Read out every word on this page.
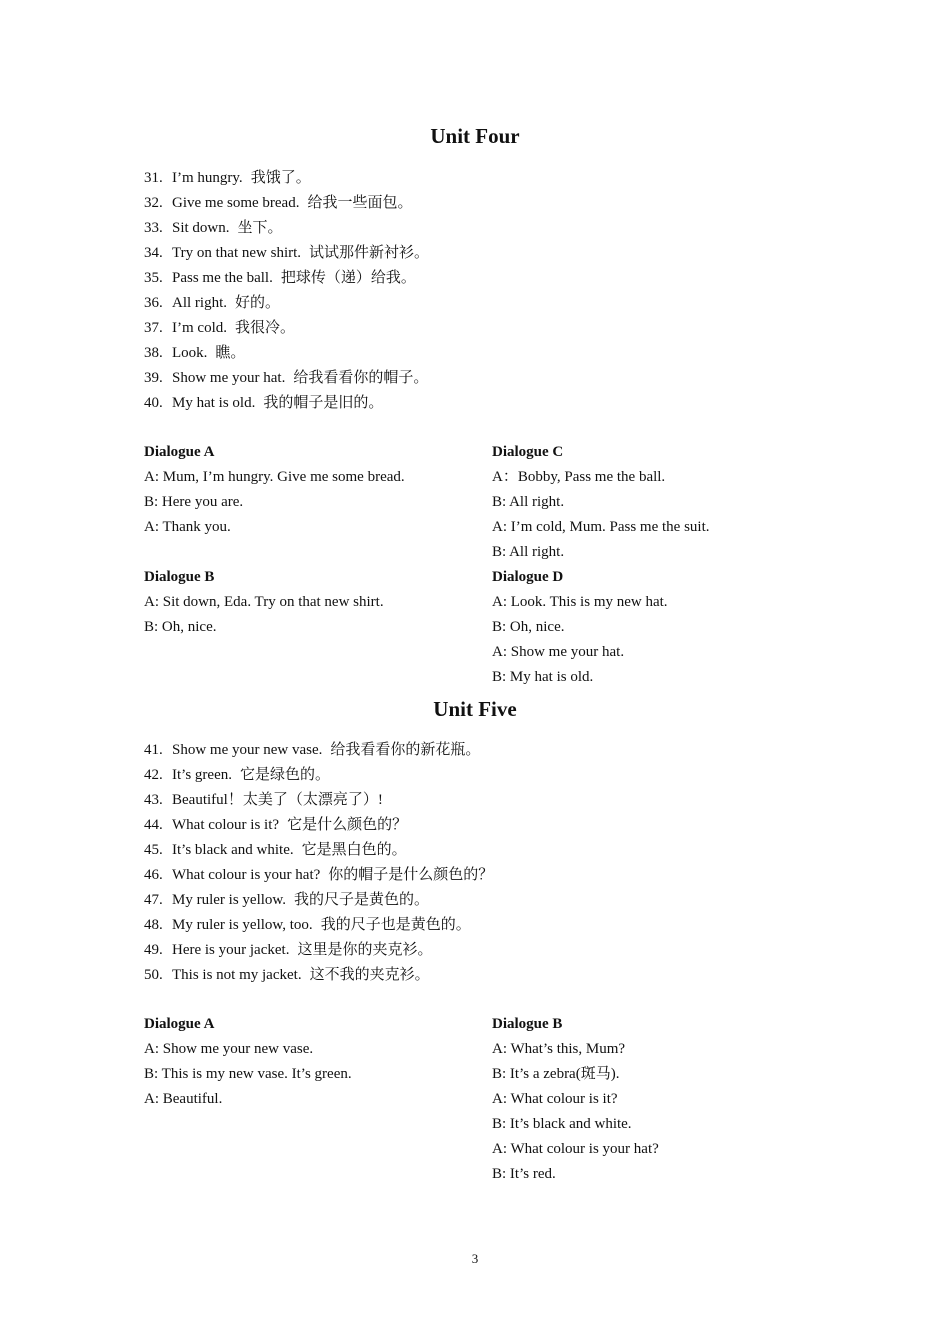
Unit Four
31. I’m hungry. 我饿了。
32. Give me some bread. 给我一些面包。
33. Sit down. 坐下。
34. Try on that new shirt. 试试那件新衬衫。
35. Pass me the ball. 把球传（递）给我。
36. All right. 好的。
37. I’m cold. 我很冷。
38. Look. 瞧。
39. Show me your hat. 给我看看你的帽子。
40. My hat is old. 我的帽子是旧的。
Dialogue A
A: Mum, I’m hungry. Give me some bread.
B: Here you are.
A: Thank you.
Dialogue B
A: Sit down, Eda. Try on that new shirt.
B: Oh, nice.
Dialogue C
A：Bobby, Pass me the ball.
B: All right.
A: I’m cold, Mum. Pass me the suit.
B: All right.
Dialogue D
A: Look. This is my new hat.
B: Oh, nice.
A: Show me your hat.
B: My hat is old.
Unit Five
41. Show me your new vase. 给我看看你的新花瓶。
42. It’s green. 它是绿色的。
43. Beautiful！太美了（太漂亮了）!
44. What colour is it? 它是什么颜色的？
45. It’s black and white. 它是黑白色的。
46. What colour is your hat? 你的帽子是什么颜色的？
47. My ruler is yellow. 我的尺子是黄色的。
48. My ruler is yellow, too. 我的尺子也是黄色的。
49. Here is your jacket. 这里是你的夹克衫。
50. This is not my jacket. 这不我的夹克衫。
Dialogue A
A: Show me your new vase.
B: This is my new vase. It’s green.
A: Beautiful.
Dialogue B
A: What’s this, Mum?
B: It’s a zebra(斑马).
A: What colour is it?
B: It’s black and white.
A: What colour is your hat?
B: It’s red.
3
